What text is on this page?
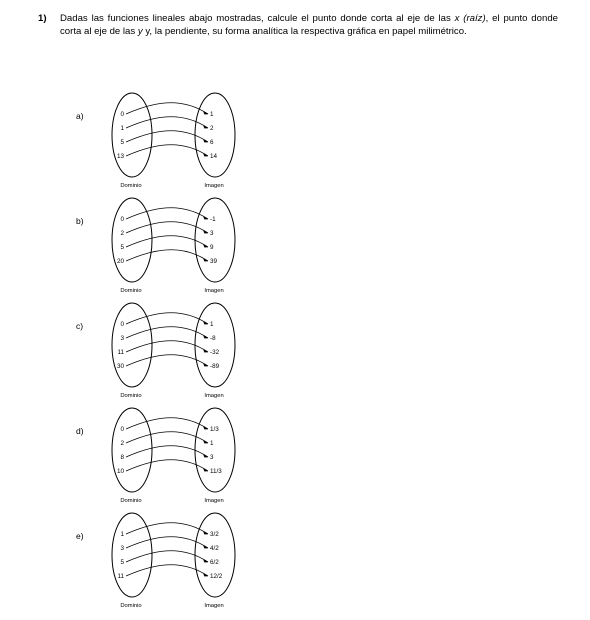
1) Dadas las funciones lineales abajo mostradas, calcule el punto donde corta al eje de las x (raíz), el punto donde corta al eje de las y y, la pendiente, su forma analítica la respectiva gráfica en papel milimétrico.
a)	0	1
1	2
5	6
13	14
Dominio	Imagen
b)	0	-1
2	3
5	9
20	39
Dominio	Imagen
c)	0	1
3	-8
11	-32
30	-89
Dominio	Imagen
d)	0	1/3
2	1
8	3
10	11/3
Dominio	Imagen
e)	1	3/2
3	4/2
5	6/2
11	12/2
Dominio	Imagen
